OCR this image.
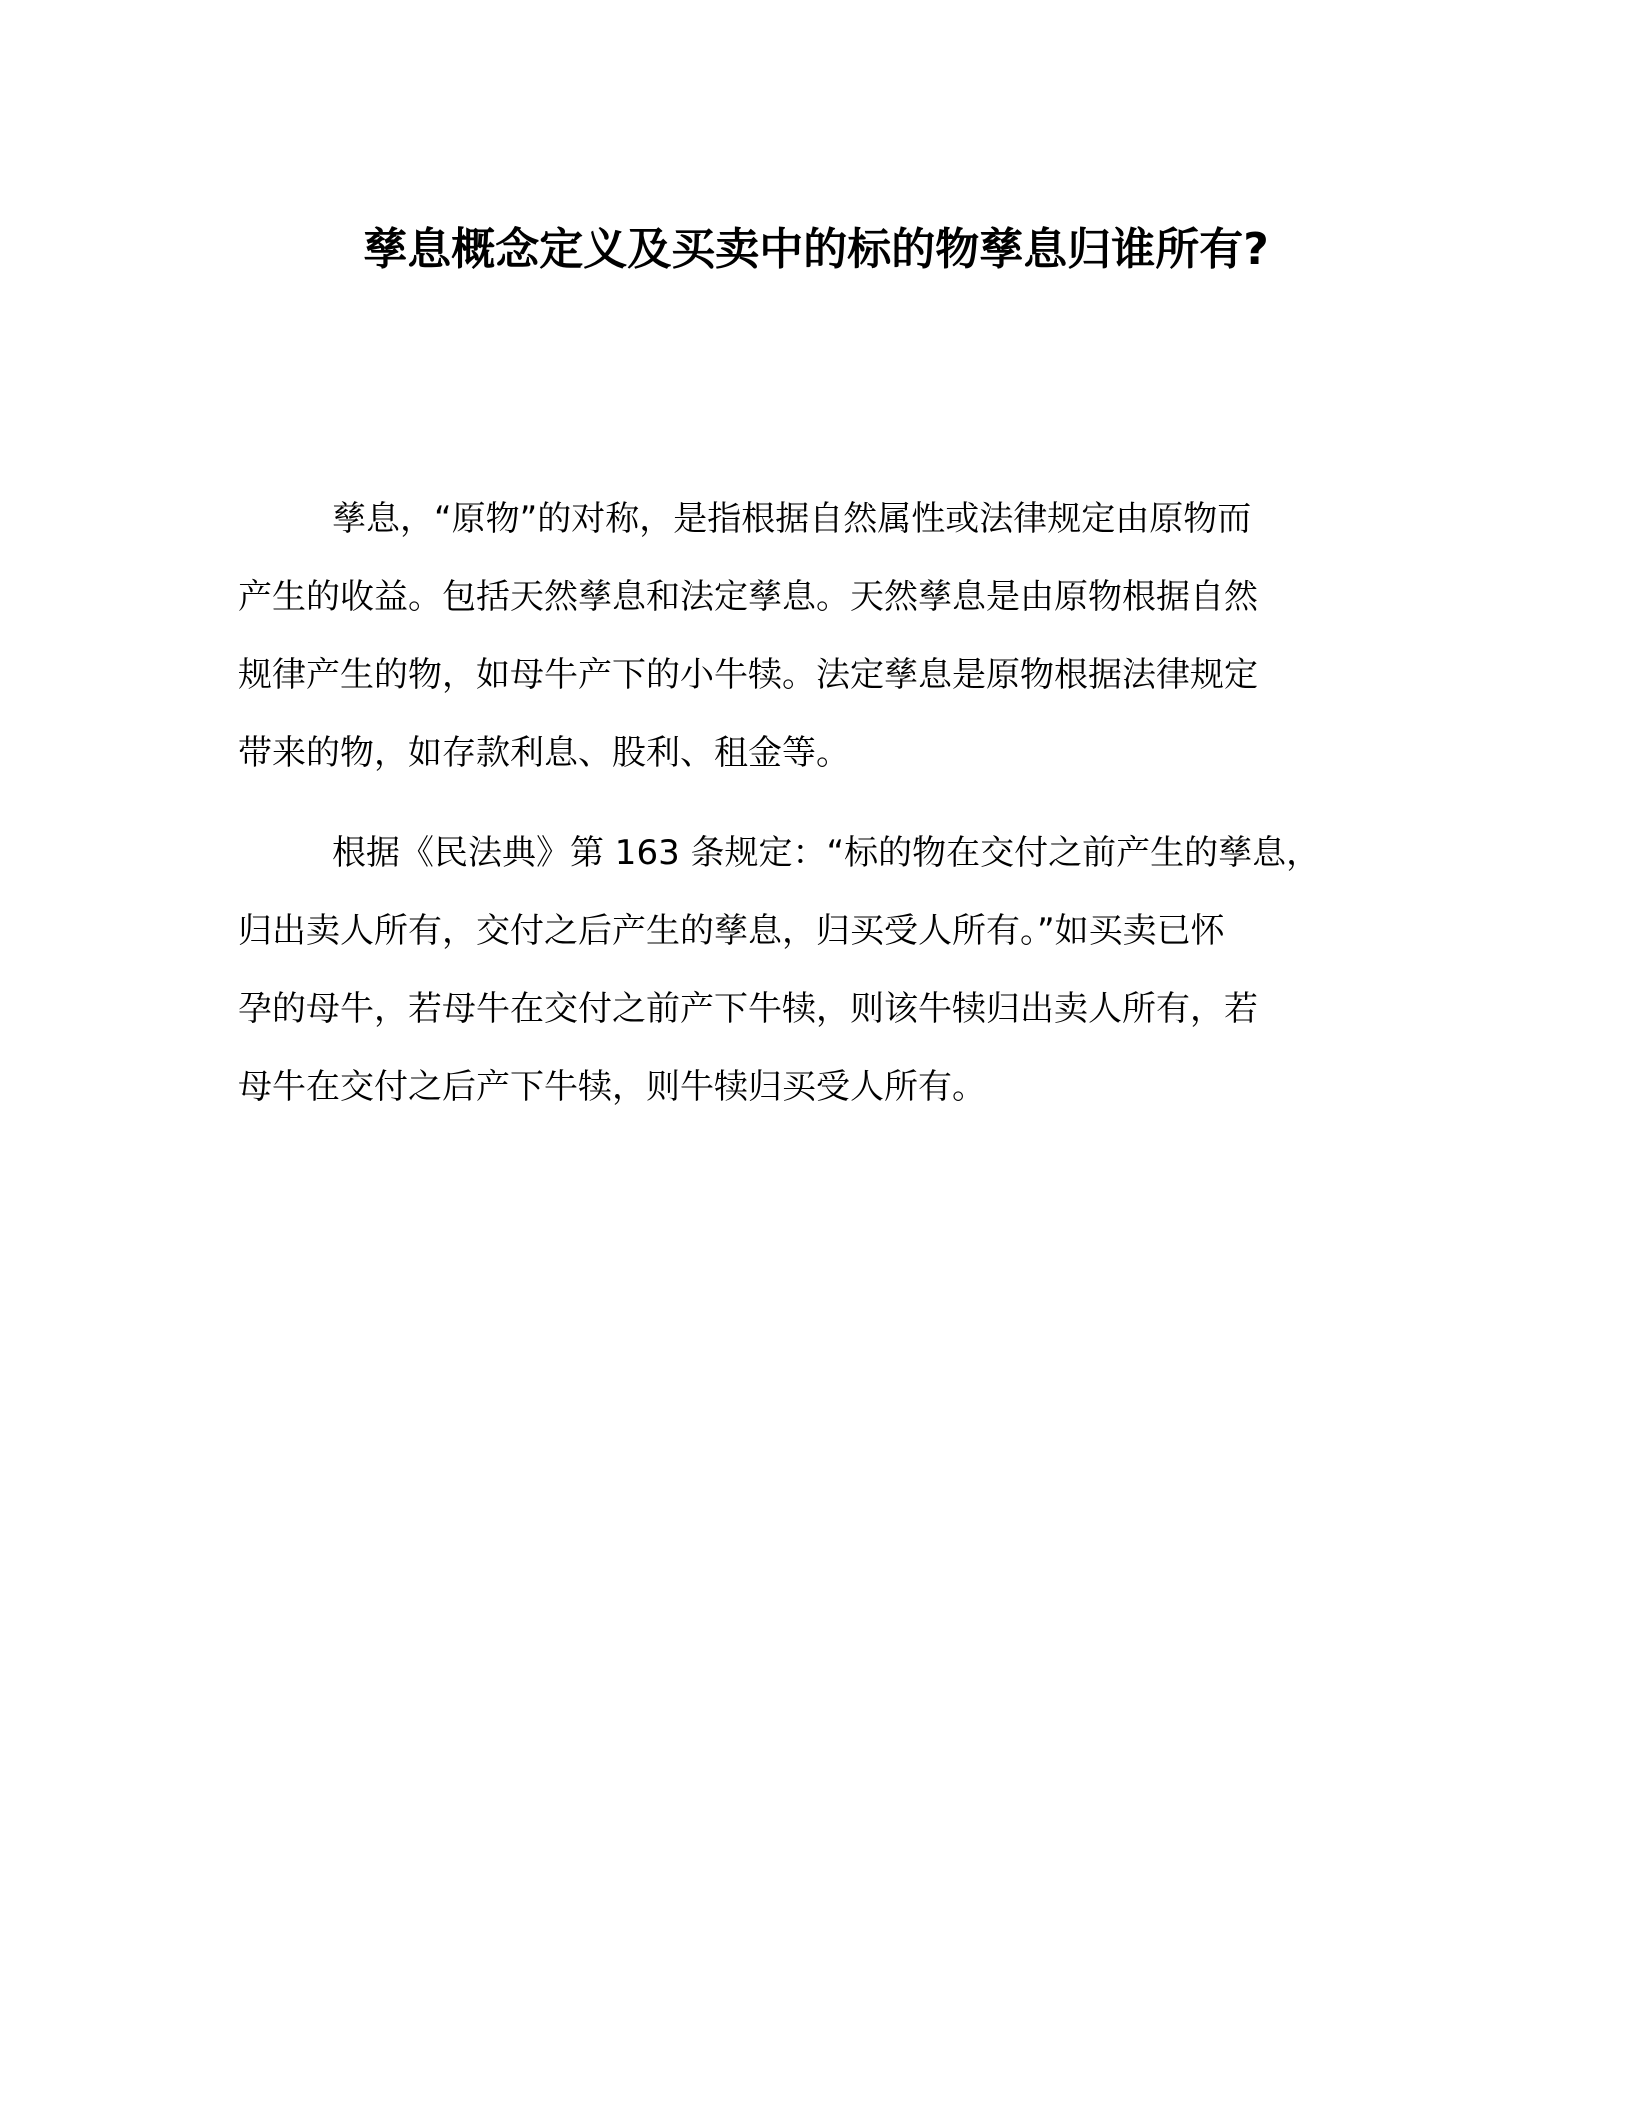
孳息概念定义及买卖中的标的物孳息归谁所有?
孳息，“原物”的对称，是指根据自然属性或法律规定由原物而
产生的收益。包括天然孳息和法定孳息。天然孳息是由原物根据自然
规律产生的物，如母牛产下的小牛犊。法定孳息是原物根据法律规定
带来的物，如存款利息、股利、租金等。
根据《民法典》第 163 条规定：“标的物在交付之前产生的孳息，
归出卖人所有，交付之后产生的孳息，归买受人所有。”如买卖已怀
孕的母牛，若母牛在交付之前产下牛犊，则该牛犊归出卖人所有，若
母牛在交付之后产下牛犊，则牛犊归买受人所有。
